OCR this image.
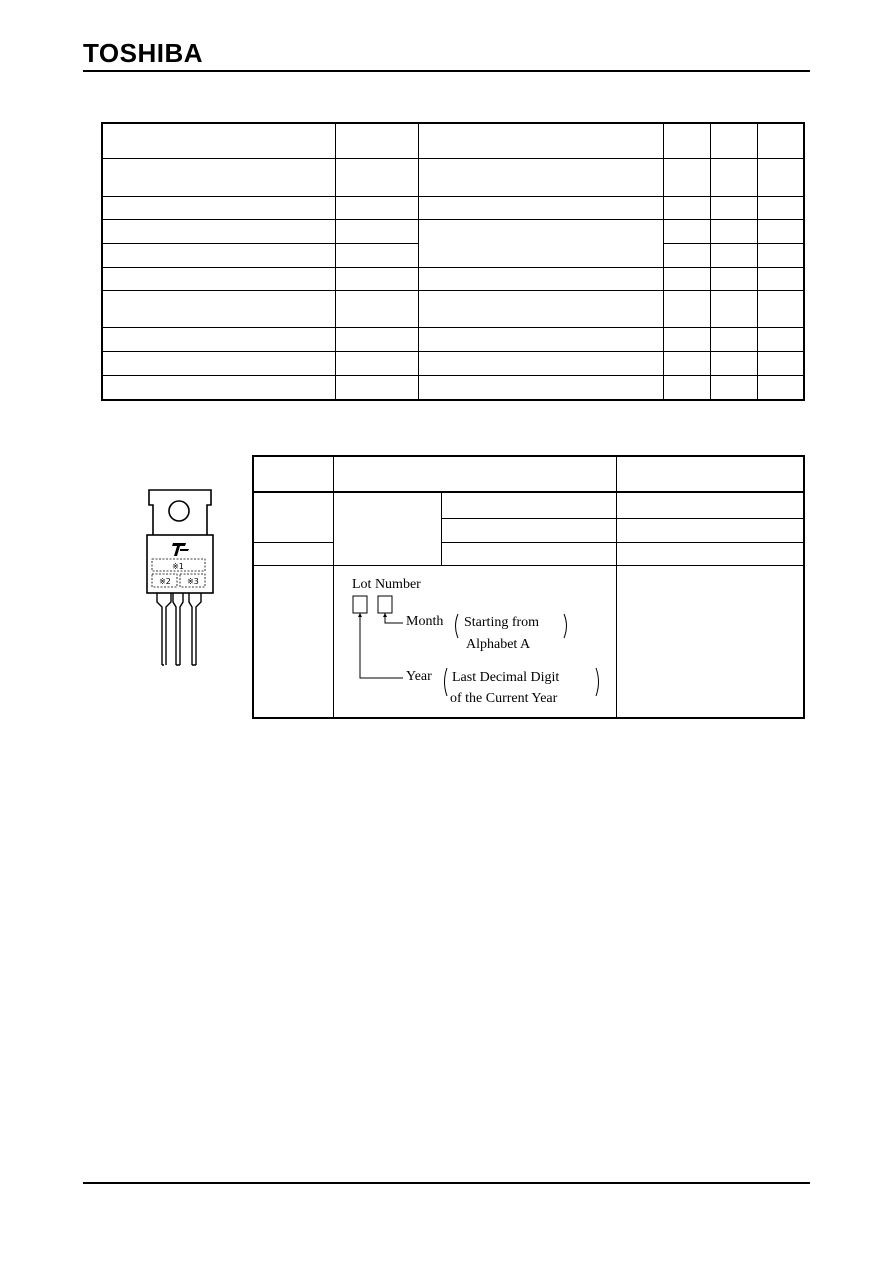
TOSHIBA
※1
※2 ※3	Lot Number
Month Starting from
Alphabet A
Year Last Decimal Digit
of the Current Year
